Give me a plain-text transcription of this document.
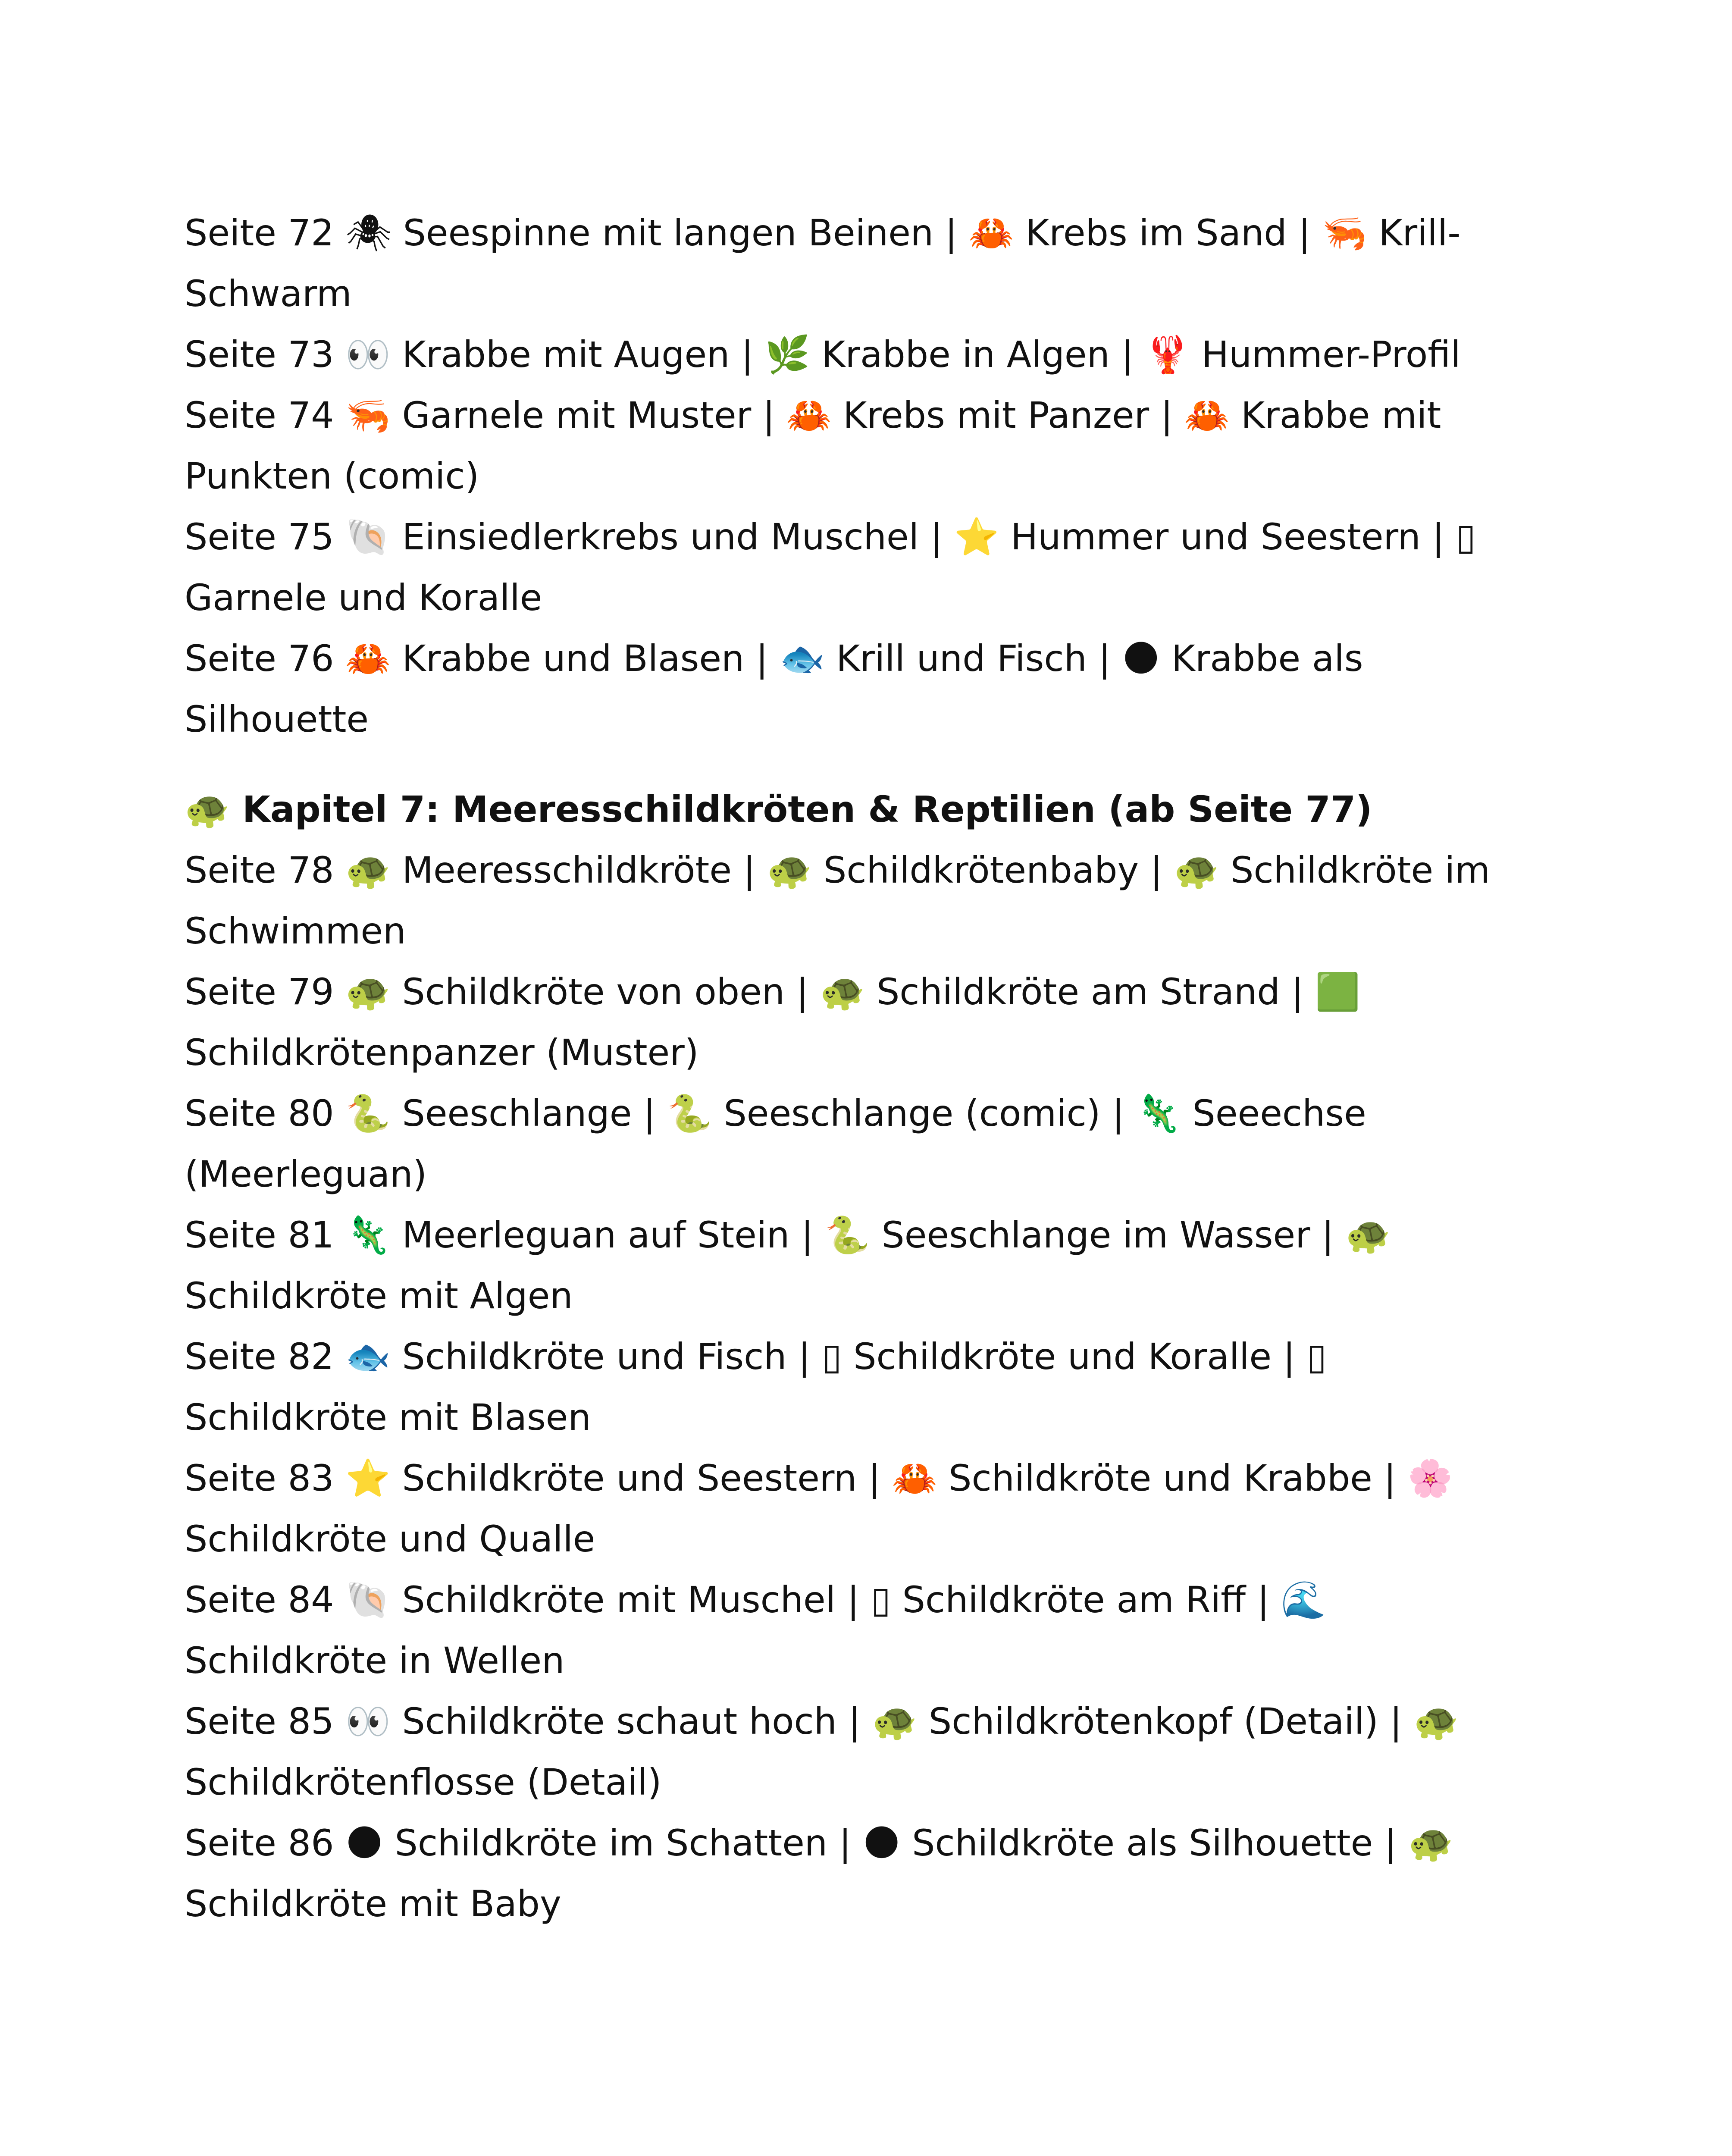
Seite 72 🕷 Seespinne mit langen Beinen | 🦀 Krebs im Sand | 🦐 Krill-
Schwarm
Seite 73 👀 Krabbe mit Augen | 🌿 Krabbe in Algen | 🦞 Hummer-Profil
Seite 74 🦐 Garnele mit Muster | 🦀 Krebs mit Panzer | 🦀 Krabbe mit
Punkten (comic)
Seite 75 🐚 Einsiedlerkrebs und Muschel | ⭐ Hummer und Seestern | ▯
Garnele und Koralle
Seite 76 🦀 Krabbe und Blasen | 🐟 Krill und Fisch | 🌑 Krabbe als
Silhouette
🐢 Kapitel 7: Meeresschildkröten & Reptilien (ab Seite 77)
Seite 78 🐢 Meeresschildkröte | 🐢 Schildkrötenbaby | 🐢 Schildkröte im
Schwimmen
Seite 79 🐢 Schildkröte von oben | 🐢 Schildkröte am Strand | 🟩
Schildkrötenpanzer (Muster)
Seite 80 🐍 Seeschlange | 🐍 Seeschlange (comic) | 🦎 Seeechse
(Meerleguan)
Seite 81 🦎 Meerleguan auf Stein | 🐍 Seeschlange im Wasser | 🐢
Schildkröte mit Algen
Seite 82 🐟 Schildkröte und Fisch | ▯ Schildkröte und Koralle | ▯
Schildkröte mit Blasen
Seite 83 ⭐ Schildkröte und Seestern | 🦀 Schildkröte und Krabbe | 🌸
Schildkröte und Qualle
Seite 84 🐚 Schildkröte mit Muschel | ▯ Schildkröte am Riff | 🌊
Schildkröte in Wellen
Seite 85 👀 Schildkröte schaut hoch | 🐢 Schildkrötenkopf (Detail) | 🐢
Schildkrötenflosse (Detail)
Seite 86 🌑 Schildkröte im Schatten | 🌑 Schildkröte als Silhouette | 🐢
Schildkröte mit Baby
